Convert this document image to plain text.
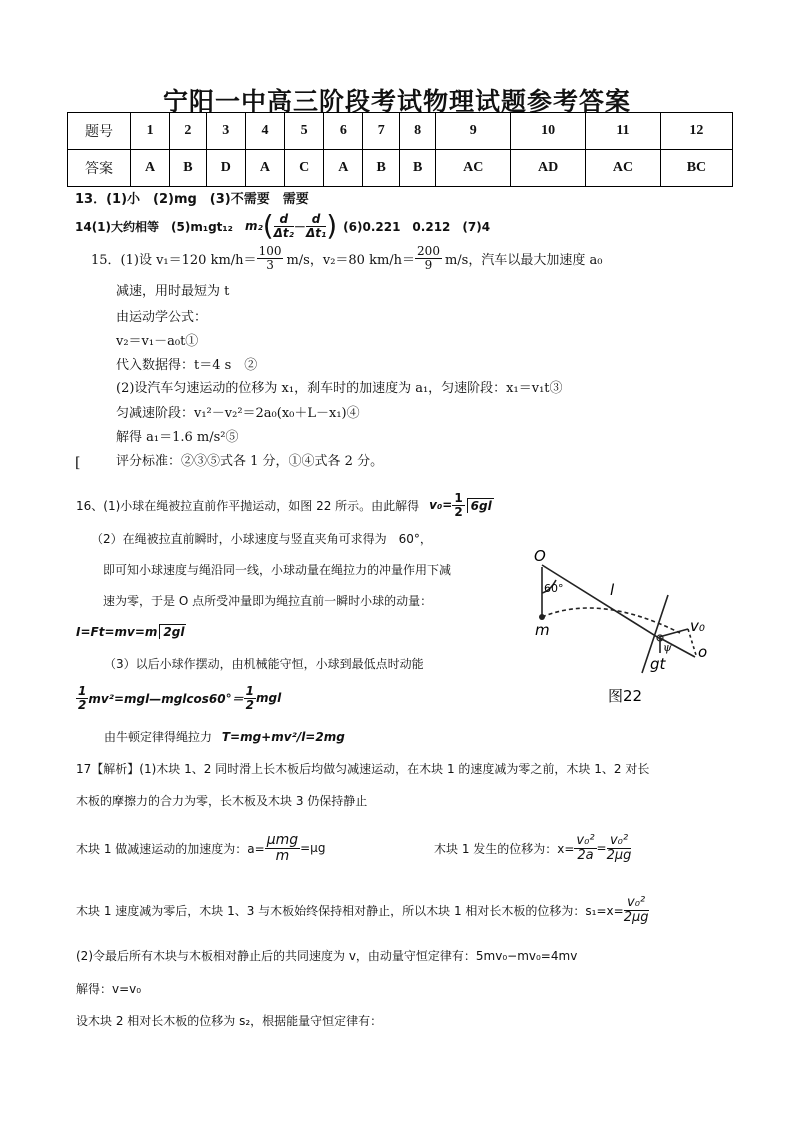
宁阳一中高三阶段考试物理试题参考答案
题号	1	2	3	4	5	6	7	8	9	10	11	12
答案	A	B	D	A	C	A	B	B	AC	AD	AC	BC
13．(1)小　(2)mg　(3)不需要　需要
14(1)大约相等　(5)m₁gt₁₂ m₂ ( $\frac{d}{\text{Δt₂}} - \frac{d}{\text{Δt₁}}$ ) (6)0.221　0.212　(7)4
15．(1)设 v₁＝120 $km/h= \frac{100}{3} m/s$，v₂＝80 $km/h= \frac{200}{9} m/s$，汽车以最大加速度 a₀
减速，用时最短为 t
由运动学公式：
v₂＝v₁－a₀t①
代入数据得：t＝4 s　②
(2)设汽车匀速运动的位移为 x₁，刹车时的加速度为 a₁，匀速阶段：x₁＝v₁t③
匀减速阶段：v₁²－v₂²＝2a₀(x₀＋L－x₁)④
解得 a₁＝1.6 m/s²⑤
评分标准：②③⑤式各 1 分，①④式各 2 分。
[
16、(1)小球在绳被拉直前作平抛运动，如图 22 所示。由此解得 $v_0= \frac{1}{2} 6gl$
（2）在绳被拉直前瞬时，小球速度与竖直夹角可求得为　60°，
即可知小球速度与绳沿同一线，小球动量在绳拉力的冲量作用下减
速为零，于是 O 点所受冲量即为绳拉直前一瞬时小球的动量：
I=Ft=mv=m 2gl
（3）以后小球作摆动，由机械能守恒，小球到最低点时动能
$\frac{1}{2}$ mv²=mgl—mglcos60°＝ $\frac{1}{2}$ mgl
由牛顿定律得绳拉力 T=mg+mv²/l=2mg
O
60°	l
m	v₀
gt
o
ψ
图22
17【解析】(1)木块 1、2 同时滑上长木板后均做匀减速运动，在木块 1 的速度减为零之前，木块 1、2 对长
木板的摩擦力的合力为零，长木板及木块 3 仍保持静止
木块 1 做减速运动的加速度为：$a= \frac{\text{μmg}}{m} =\mu g$	木块 1 发生的位移为：$x= \frac{\text{v₀²}}{2a} = \frac{\text{v₀²}}{2\mu g}$
木块 1 速度减为零后，木块 1、3 与木板始终保持相对静止，所以木块 1 相对长木板的位移为：$s_1=x= \frac{\text{v₀²}}{2\mu g}$
(2)令最后所有木块与木板相对静止后的共同速度为 v，由动量守恒定律有：5mv₀−mv₀=4mv
解得：v=v₀
设木块 2 相对长木板的位移为 s₂，根据能量守恒定律有：
